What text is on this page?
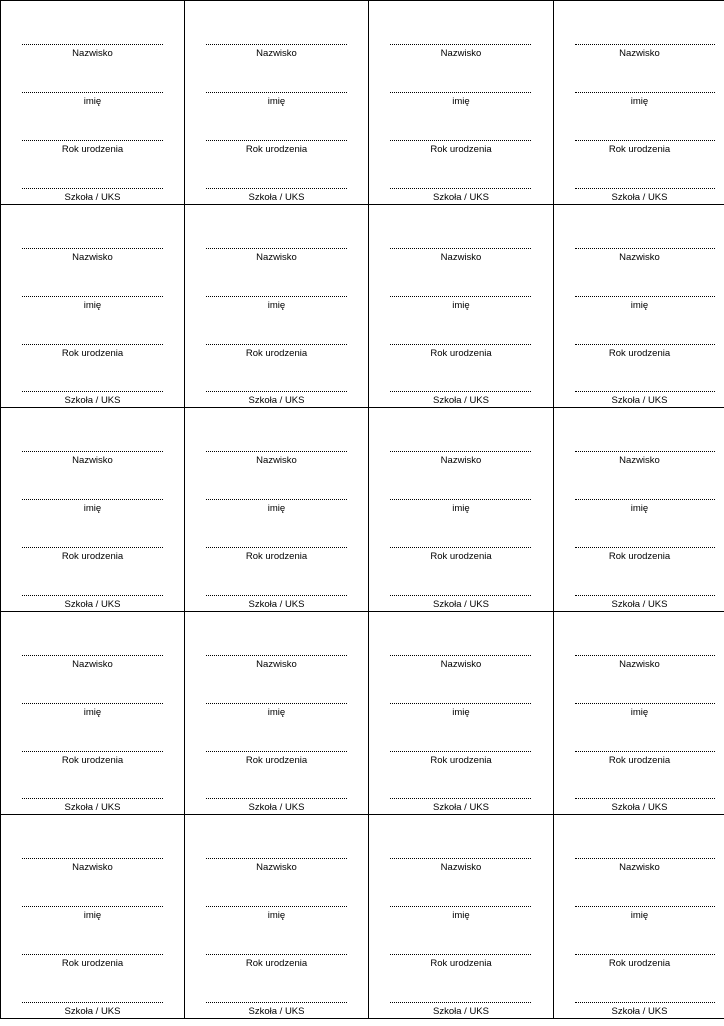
Nazwisko
imię
Rok urodzenia
Szkoła / UKS
Nazwisko
imię
Rok urodzenia
Szkoła / UKS
Nazwisko
imię
Rok urodzenia
Szkoła / UKS
Nazwisko
imię
Rok urodzenia
Szkoła / UKS
Nazwisko
imię
Rok urodzenia
Szkoła / UKS
Nazwisko
imię
Rok urodzenia
Szkoła / UKS
Nazwisko
imię
Rok urodzenia
Szkoła / UKS
Nazwisko
imię
Rok urodzenia
Szkoła / UKS
Nazwisko
imię
Rok urodzenia
Szkoła / UKS
Nazwisko
imię
Rok urodzenia
Szkoła / UKS
Nazwisko
imię
Rok urodzenia
Szkoła / UKS
Nazwisko
imię
Rok urodzenia
Szkoła / UKS
Nazwisko
imię
Rok urodzenia
Szkoła / UKS
Nazwisko
imię
Rok urodzenia
Szkoła / UKS
Nazwisko
imię
Rok urodzenia
Szkoła / UKS
Nazwisko
imię
Rok urodzenia
Szkoła / UKS
Nazwisko
imię
Rok urodzenia
Szkoła / UKS
Nazwisko
imię
Rok urodzenia
Szkoła / UKS
Nazwisko
imię
Rok urodzenia
Szkoła / UKS
Nazwisko
imię
Rok urodzenia
Szkoła / UKS
